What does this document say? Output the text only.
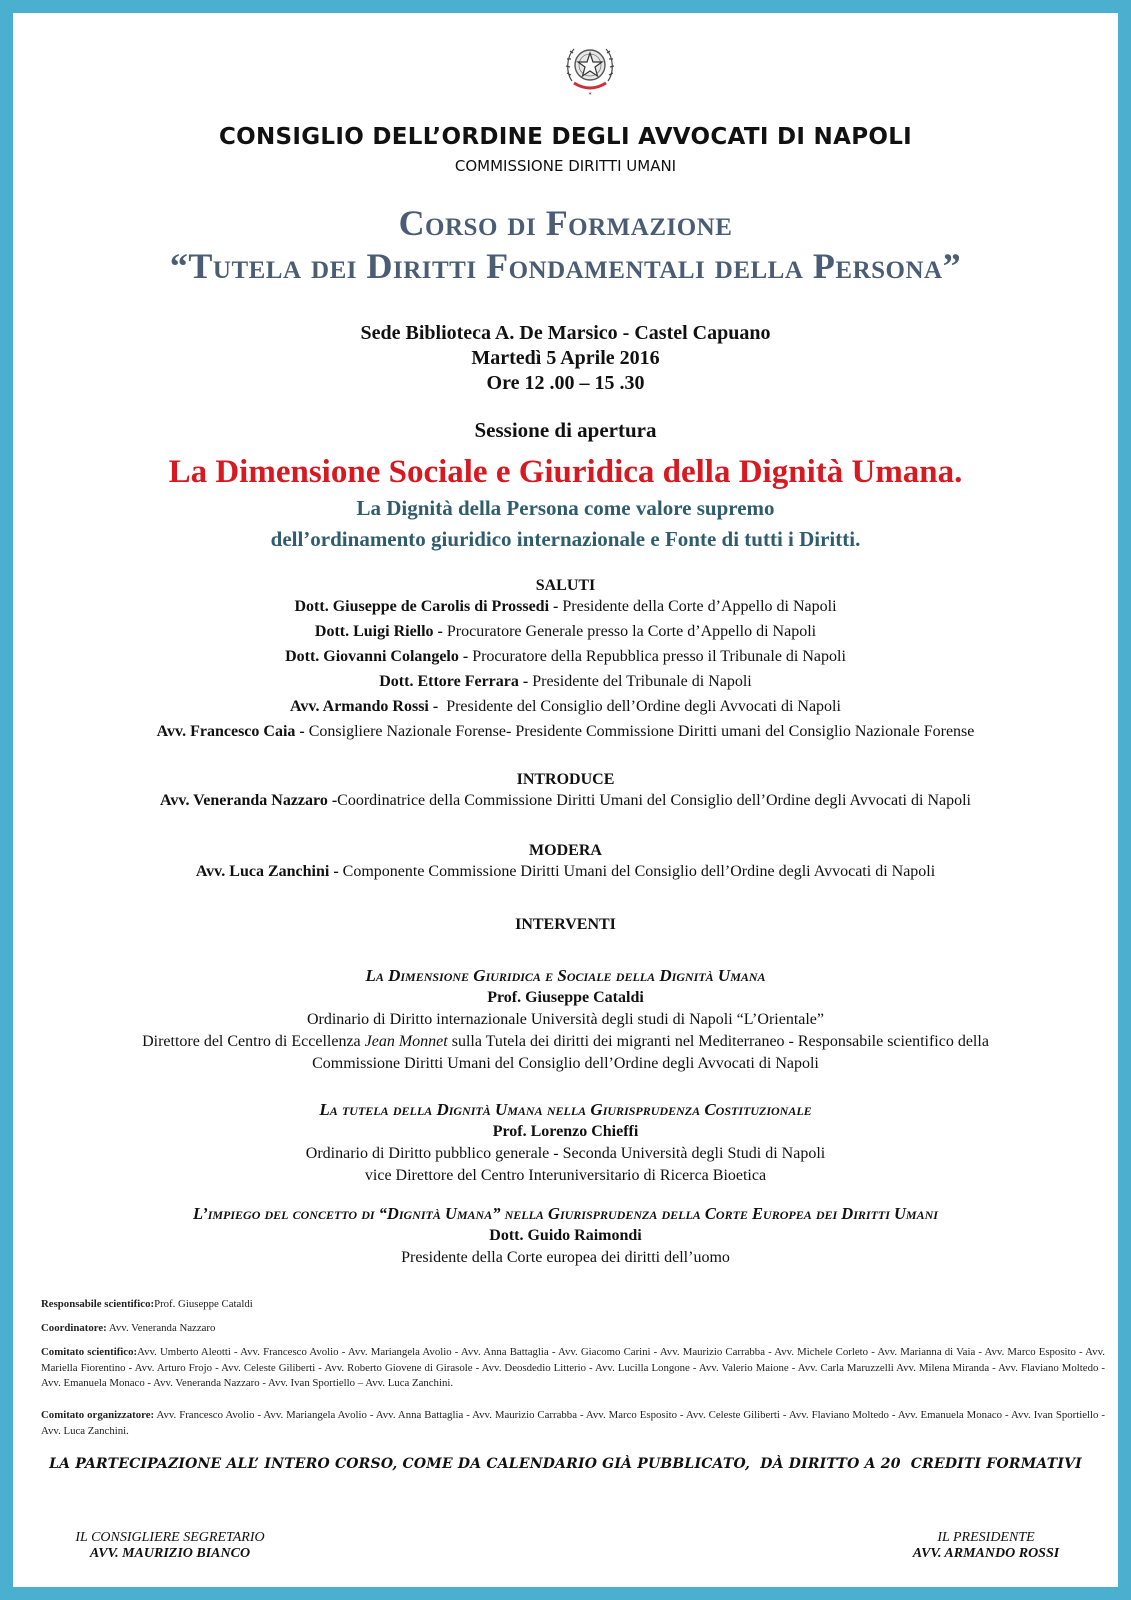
∗
CONSIGLIO DELL’ORDINE DEGLI AVVOCATI DI NAPOLI
COMMISSIONE DIRITTI UMANI
Corso di Formazione
“Tutela dei Diritti Fondamentali della Persona”
Sede Biblioteca A. De Marsico - Castel Capuano
Martedì 5 Aprile 2016
Ore 12 .00 – 15 .30
Sessione di apertura
La Dimensione Sociale e Giuridica della Dignità Umana.
La Dignità della Persona come valore supremo
dell’ordinamento giuridico internazionale e Fonte di tutti i Diritti.
SALUTI
Dott. Giuseppe de Carolis di Prossedi - Presidente della Corte d’Appello di Napoli
Dott. Luigi Riello - Procuratore Generale presso la Corte d’Appello di Napoli
Dott. Giovanni Colangelo - Procuratore della Repubblica presso il Tribunale di Napoli
Dott. Ettore Ferrara - Presidente del Tribunale di Napoli
Avv. Armando Rossi -  Presidente del Consiglio dell’Ordine degli Avvocati di Napoli
Avv. Francesco Caia - Consigliere Nazionale Forense- Presidente Commissione Diritti umani del Consiglio Nazionale Forense
INTRODUCE
Avv. Veneranda Nazzaro -Coordinatrice della Commissione Diritti Umani del Consiglio dell’Ordine degli Avvocati di Napoli
MODERA
Avv. Luca Zanchini - Componente Commissione Diritti Umani del Consiglio dell’Ordine degli Avvocati di Napoli
INTERVENTI
La Dimensione Giuridica e Sociale della Dignità Umana
Prof. Giuseppe Cataldi
Ordinario di Diritto internazionale Università degli studi di Napoli “L’Orientale”
Direttore del Centro di Eccellenza Jean Monnet sulla Tutela dei diritti dei migranti nel Mediterraneo - Responsabile scientifico della
Commissione Diritti Umani del Consiglio dell’Ordine degli Avvocati di Napoli
La tutela della Dignità Umana nella Giurisprudenza Costituzionale
Prof. Lorenzo Chieffi
Ordinario di Diritto pubblico generale - Seconda Università degli Studi di Napoli
vice Direttore del Centro Interuniversitario di Ricerca Bioetica
L’impiego del concetto di “Dignità Umana” nella Giurisprudenza della Corte Europea dei Diritti Umani
Dott. Guido Raimondi
Presidente della Corte europea dei diritti dell’uomo
Responsabile scientifico:Prof. Giuseppe Cataldi
Coordinatore: Avv. Veneranda Nazzaro
Comitato scientifico:Avv. Umberto Aleotti - Avv. Francesco Avolio - Avv. Mariangela Avolio - Avv. Anna Battaglia - Avv. Giacomo Carini - Avv. Maurizio Carrabba - Avv. Michele Corleto - Avv. Marianna di Vaia - Avv. Marco Esposito - Avv. Mariella Fiorentino - Avv. Arturo Frojo - Avv. Celeste Giliberti - Avv. Roberto Giovene di Girasole - Avv. Deosdedio Litterio - Avv. Lucilla Longone - Avv. Valerio Maione - Avv. Carla Maruzzelli Avv. Milena Miranda - Avv. Flaviano Moltedo - Avv. Emanuela Monaco - Avv. Veneranda Nazzaro - Avv. Ivan Sportiello – Avv. Luca Zanchini.
Comitato organizzatore: Avv. Francesco Avolio - Avv. Mariangela Avolio - Avv. Anna Battaglia - Avv. Maurizio Carrabba - Avv. Marco Esposito - Avv. Celeste Giliberti - Avv. Flaviano Moltedo - Avv. Emanuela Monaco - Avv. Ivan Sportiello - Avv. Luca Zanchini.
LA PARTECIPAZIONE ALL’ INTERO CORSO, COME DA CALENDARIO GIÀ PUBBLICATO,  DÀ DIRITTO A 20  CREDITI FORMATIVI
IL CONSIGLIERE SEGRETARIO
AVV. MAURIZIO BIANCO
IL PRESIDENTE
AVV. ARMANDO ROSSI
